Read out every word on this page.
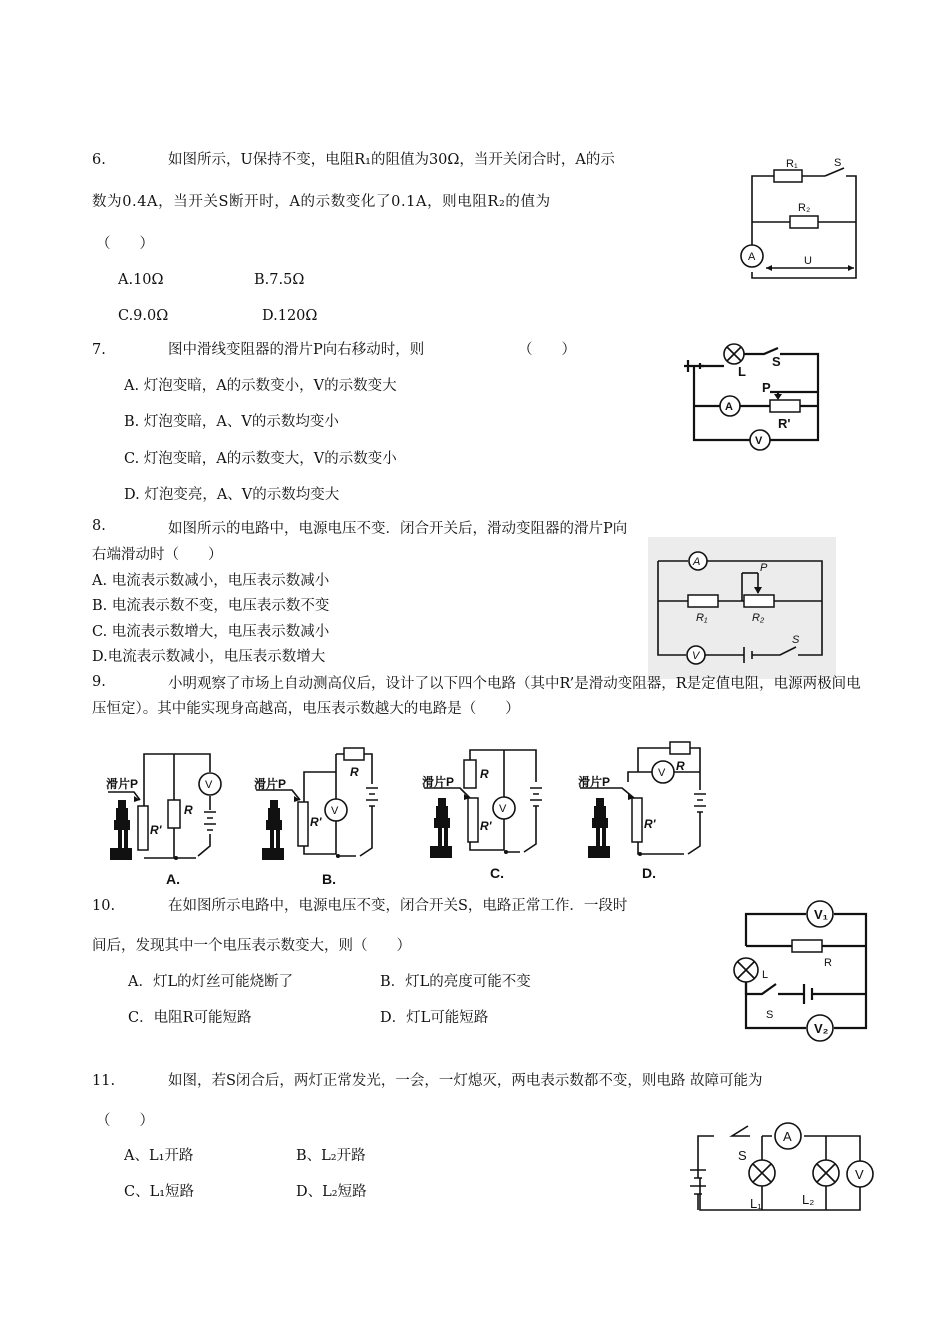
6.	如图所示，U保持不变，电阻R₁的阻值为30Ω，当开关闭合时，A的示
数为0.4A，当开关S断开时，A的示数变化了0.1A，则电阻R₂的值为
（　　）
A.10Ω	B.7.5Ω
C.9.0Ω	D.120Ω
R₁	S
R₂
A	U
7.	图中滑线变阻器的滑片P向右移动时，则	（　　）
A. 灯泡变暗，A的示数变小，V的示数变大
B. 灯泡变暗，A、V的示数均变小
C. 灯泡变暗，A的示数变大，V的示数变小
D. 灯泡变亮，A、V的示数均变大
L
S
P
A
R'
V
8.	如图所示的电路中，电源电压不变．闭合开关后，滑动变阻器的滑片P向右端滑动时（　　）
A. 电流表示数减小，电压表示数减小
B. 电流表示数不变，电压表示数不变
C. 电流表示数增大，电压表示数减小
D.电流表示数减小，电压表示数增大
A	P
R₁	R₂
V
S
9.	小明观察了市场上自动测高仪后，设计了以下四个电路（其中R’是滑动变阻器，R是定值电阻，电源两极间电压恒定）。其中能实现身高越高，电压表示数越大的电路是（　　）
滑片P
R
R'
V
A.
滑片P
R
R'
V
B.
滑片P
R
R'
V
C.
滑片P
R
R'
V
D.
10.	在如图所示电路中，电源电压不变，闭合开关S，电路正常工作．一段时
间后，发现其中一个电压表示数变大，则（　　）
A．灯L的灯丝可能烧断了	B．灯L的亮度可能不变
C．电阻R可能短路	D．灯L可能短路
V₁
R
L
S
V₂
11.	如图，若S闭合后，两灯正常发光，一会，一灯熄灭，两电表示数都不变，则电路 故障可能为
（　　）
A、L₁开路	B、L₂开路
C、L₁短路	D、L₂短路
A
S
L₁	L₂
V
